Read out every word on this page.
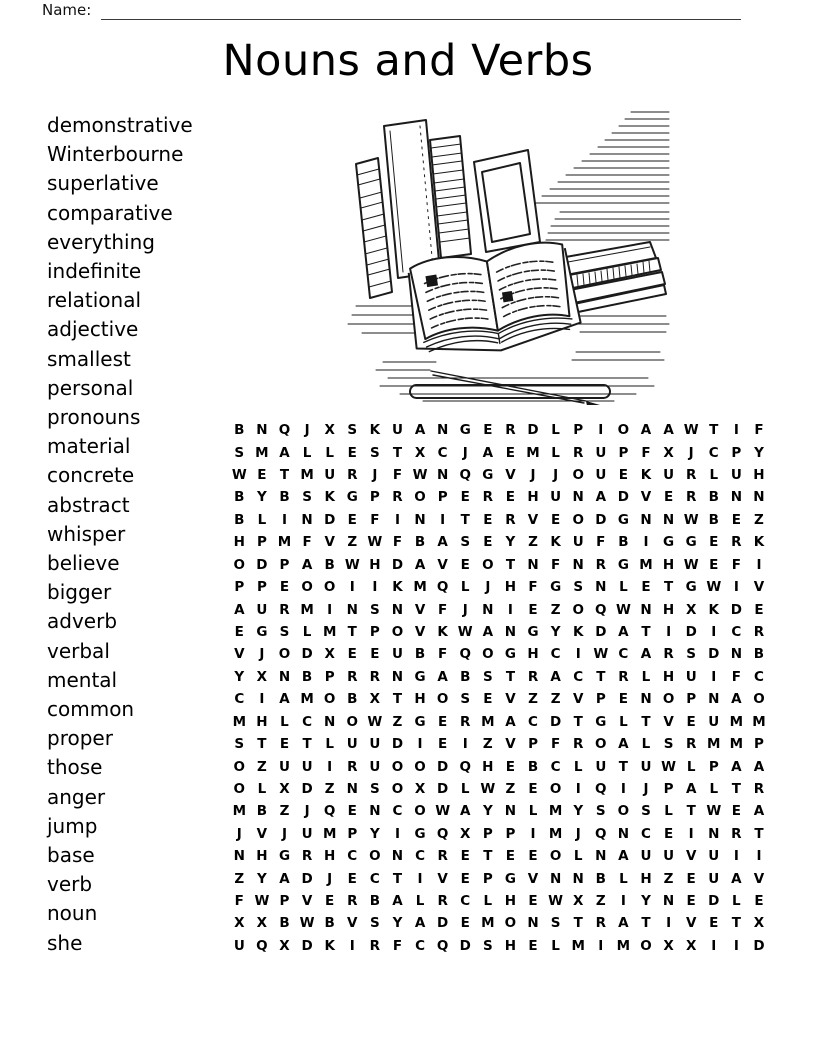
Name:
Nouns and Verbs
demonstrative
Winterbourne
superlative
comparative
everything
indefinite
relational
adjective
smallest
personal
pronouns
material
concrete
abstract
whisper
believe
bigger
adverb
verbal
mental
common
proper
those
anger
jump
base
verb
noun
she
B N Q	J	X S K U A N G E R D L P	I	O A A W T	I	F
S M A L	L	E S T X C	J	A E M L R U P F X	J	C P Y
W E T M U R	J	F W N Q G V	J	J	O U E K U R L U H
B Y B S K G P R O P E R E H U N A D V E R B N N
B L	I	N D E F	I	N	I	T E R V E O D G N N W B E Z
H P M F V Z W F B A S E Y Z K U F B	I	G G E R K
O D P A B W H D A V E O T N F N R G M H W E F	I
P P E O O	I	I	K M Q L	J	H F G S N L	E T G W I	V
A U R M I	N S N V F	J	N	I	E Z O Q W N H X K D E
E G S L M T P O V K W A N G Y K D A T	I	D	I	C R
V	J	O D X E E U B F Q O G H C	I W C A R S D N B
Y X N B P R R N G A B S T R A C T R L H U	I	F C
C	I	A M O B X T H O S E V Z Z V P E N O P N A O
M H L C N O W Z G E R M A C D T G L	T V E U M M
S T E T	L U U D	I	E	I	Z V P F R O A L S R M M P
O Z U U	I	R U O O D Q H E B C L U T U W L P A A
O L X D Z N S O X D L W Z E O	I	Q	I	J	P A L	T R
M B Z	J	Q E N C O W A Y N L M Y S O S L	T W E A
J	V	J	U M P Y	I	G Q X P P	I M J	Q N C E	I	N R T
N H G R H C O N C R E T E E O L N A U U V U	I	I
Z Y A D	J	E C T	I	V E P G V N N B L H Z E U A V
F W P V E R B A L R C L H E W X Z	I	Y N E D L	E
X X B W B V S Y A D E M O N S T R A T	I	V E T X
U Q X D K	I	R F C Q D S H E	L M I M O X X	I	I	D
